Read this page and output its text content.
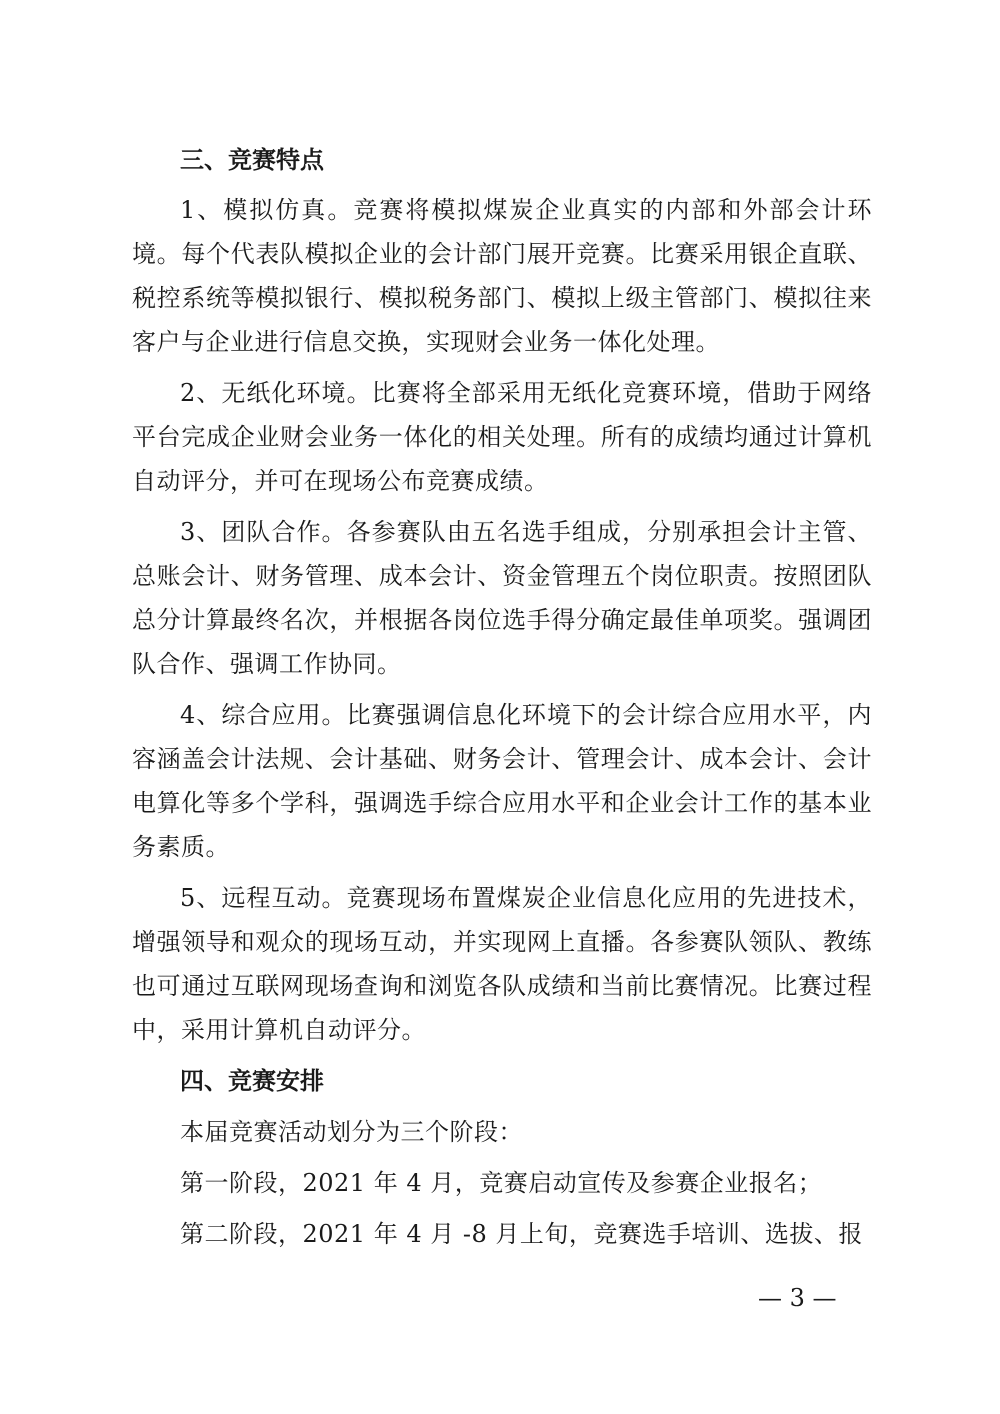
三、竞赛特点

1、模拟仿真。竞赛将模拟煤炭企业真实的内部和外部会计环境。每个代表队模拟企业的会计部门展开竞赛。比赛采用银企直联、税控系统等模拟银行、模拟税务部门、模拟上级主管部门、模拟往来客户与企业进行信息交换，实现财会业务一体化处理。

2、无纸化环境。比赛将全部采用无纸化竞赛环境，借助于网络平台完成企业财会业务一体化的相关处理。所有的成绩均通过计算机自动评分，并可在现场公布竞赛成绩。

3、团队合作。各参赛队由五名选手组成，分别承担会计主管、总账会计、财务管理、成本会计、资金管理五个岗位职责。按照团队总分计算最终名次，并根据各岗位选手得分确定最佳单项奖。强调团队合作、强调工作协同。

4、综合应用。比赛强调信息化环境下的会计综合应用水平，内容涵盖会计法规、会计基础、财务会计、管理会计、成本会计、会计电算化等多个学科，强调选手综合应用水平和企业会计工作的基本业务素质。

5、远程互动。竞赛现场布置煤炭企业信息化应用的先进技术，增强领导和观众的现场互动，并实现网上直播。各参赛队领队、教练也可通过互联网现场查询和浏览各队成绩和当前比赛情况。比赛过程中，采用计算机自动评分。

四、竞赛安排

本届竞赛活动划分为三个阶段：

第一阶段，2021 年 4 月，竞赛启动宣传及参赛企业报名；

第二阶段，2021 年 4 月 -8 月上旬，竞赛选手培训、选拔、报

— 3 —
